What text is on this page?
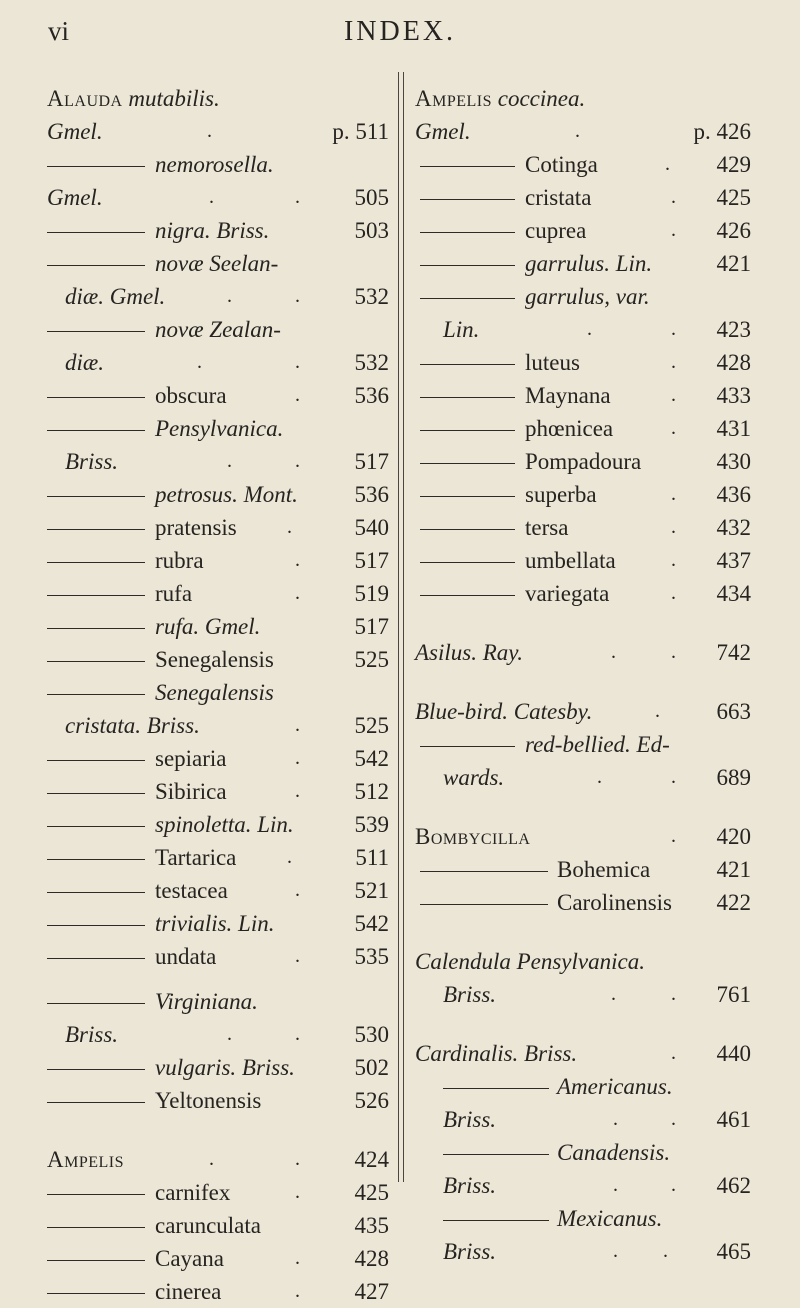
vi	INDEX.
Alauda mutabilis.
Gmel.	.	p. 511
nemorosella.
Gmel.	.	. 505
nigra. Briss.	503
novæ Seelan-
diæ. Gmel.	.	. 532
novæ Zealan-
diæ.	.	. 532
obscura	. 536
Pensylvanica.
Briss.	.	. 517
petrosus. Mont. 536
pratensis	.	540
rubra	. 517
rufa	. 519
rufa. Gmel.	517
Senegalensis	525
Senegalensis
cristata. Briss.	. 525
sepiaria	. 542
Sibirica	. 512
spinoletta. Lin.	539
Tartarica	.	511
testacea	. 521
trivialis. Lin.	542
undata	. 535
Virginiana.
Briss.	.	. 530
vulgaris. Briss.	502
Yeltonensis	526
Ampelis	.	. 424
carnifex	. 425
carunculata	435
Cayana	. 428
cinerea	. 427
Ampelis coccinea.
Gmel.	.	p. 426
Cotinga	. 429
cristata	. 425
cuprea	. 426
garrulus. Lin.	421
garrulus, var.
Lin.	.	. 423
luteus	. 428
Maynana	. 433
phœnicea	. 431
Pompadoura	430
superba	. 436
tersa	. 432
umbellata	. 437
variegata	. 434
Asilus. Ray.	.	. 742
Blue-bird. Catesby.	. 663
red-bellied. Ed-
wards.	.	. 689
Bombycilla	. 420
Bohemica	421
Carolinensis 422
Calendula Pensylvanica.
Briss.	.	. 761
Cardinalis. Briss.	. 440
Americanus.
Briss.	.	. 461
Canadensis.
Briss.	.	. 462
Mexicanus.
Briss.	. . 465
